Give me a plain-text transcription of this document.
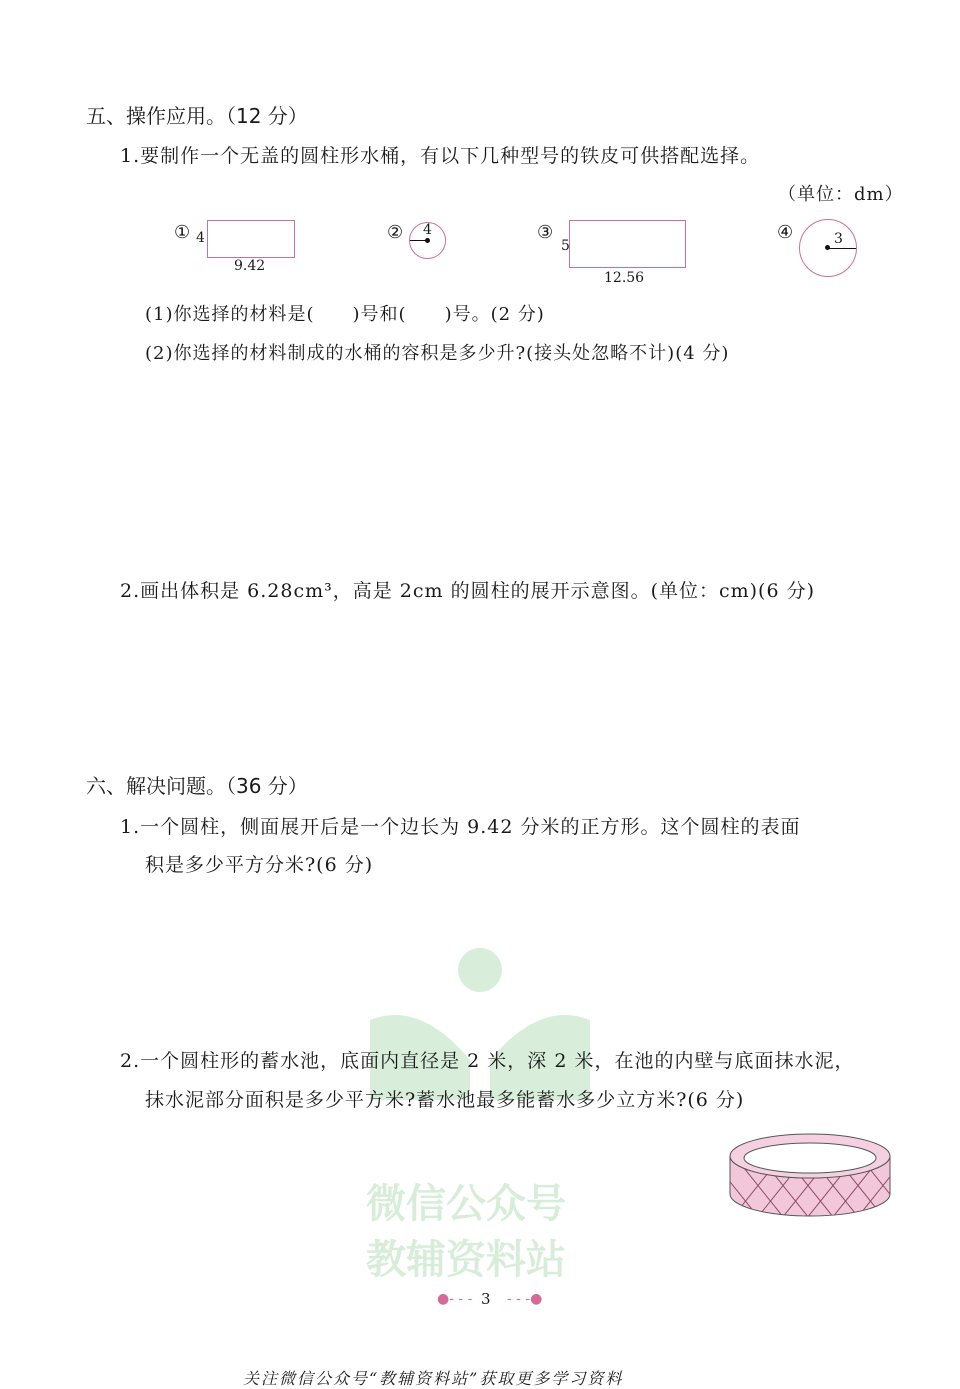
五、操作应用。（12 分）
1.要制作一个无盖的圆柱形水桶，有以下几种型号的铁皮可供搭配选择。
（单位：dm）
① 4
9.42
② 4	③
5
12.56
④	3
(1)你选择的材料是(　　)号和(　　)号。(2 分)
(2)你选择的材料制成的水桶的容积是多少升?(接头处忽略不计)(4 分)
2.画出体积是 6.28cm³，高是 2cm 的圆柱的展开示意图。(单位：cm)(6 分)
六、解决问题。（36 分）
1.一个圆柱，侧面展开后是一个边长为 9.42 分米的正方形。这个圆柱的表面
积是多少平方分米?(6 分)
微信公众号
教辅资料站
2.一个圆柱形的蓄水池，底面内直径是 2 米，深 2 米，在池的内壁与底面抹水泥，
抹水泥部分面积是多少平方米?蓄水池最多能蓄水多少立方米?(6 分)
●- - - 3 - - -●
关注微信公众号“教辅资料站”获取更多学习资料
